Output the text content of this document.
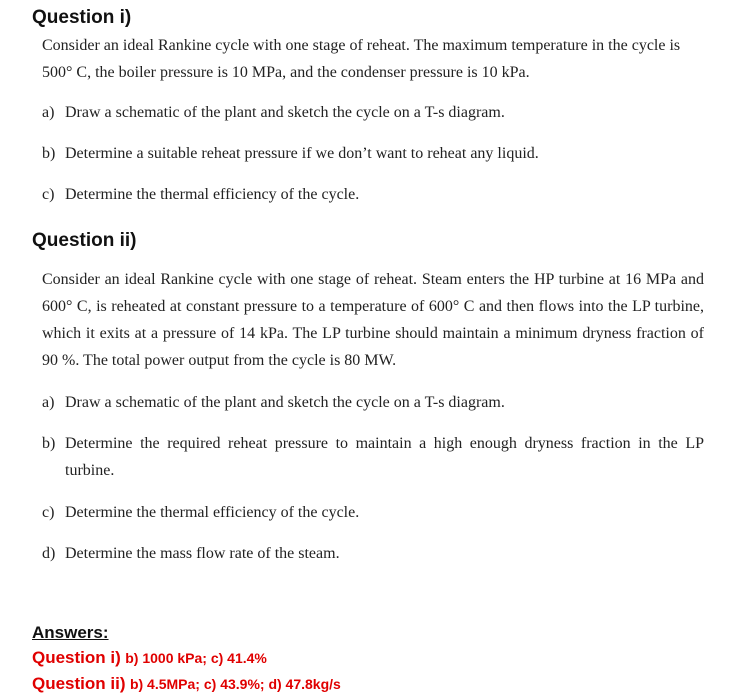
Question i)

Consider an ideal Rankine cycle with one stage of reheat. The maximum temperature in the cycle is 500° C, the boiler pressure is 10 MPa, and the condenser pressure is 10 kPa.

a) Draw a schematic of the plant and sketch the cycle on a T-s diagram.
b) Determine a suitable reheat pressure if we don’t want to reheat any liquid.
c) Determine the thermal efficiency of the cycle.
Question ii)

Consider an ideal Rankine cycle with one stage of reheat. Steam enters the HP turbine at 16 MPa and 600° C, is reheated at constant pressure to a temperature of 600° C and then flows into the LP turbine, which it exits at a pressure of 14 kPa. The LP turbine should maintain a minimum dryness fraction of 90 %. The total power output from the cycle is 80 MW.

a) Draw a schematic of the plant and sketch the cycle on a T-s diagram.
b) Determine the required reheat pressure to maintain a high enough dryness fraction in the LP turbine.
c) Determine the thermal efficiency of the cycle.
d) Determine the mass flow rate of the steam.
Answers:
Question i) b) 1000 kPa; c) 41.4%
Question ii) b) 4.5MPa; c) 43.9%; d) 47.8kg/s
